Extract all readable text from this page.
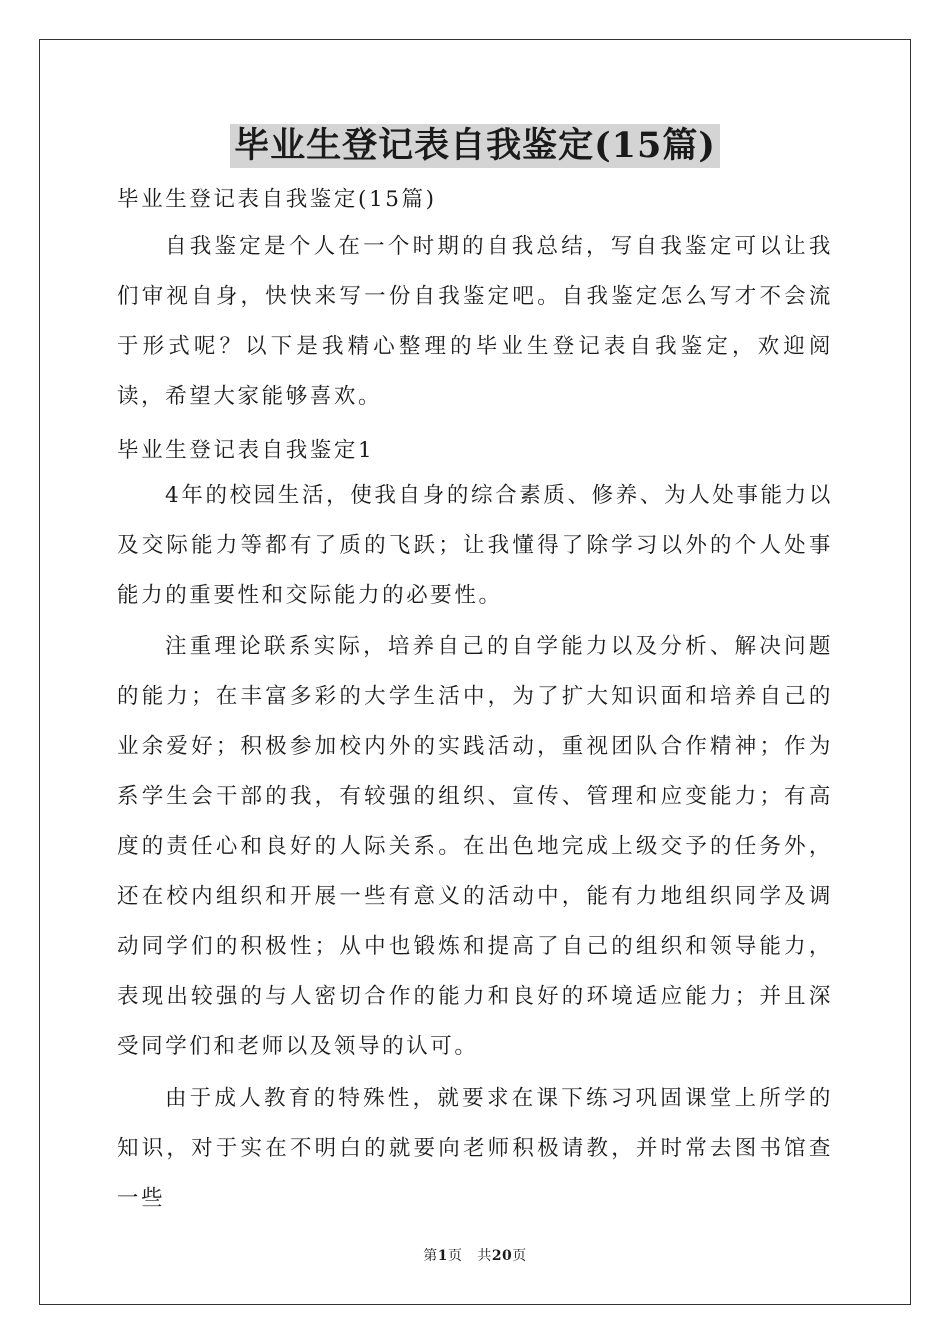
毕业生登记表自我鉴定(15篇)
毕业生登记表自我鉴定(15篇)

自我鉴定是个人在一个时期的自我总结，写自我鉴定可以让我们审视自身，快快来写一份自我鉴定吧。自我鉴定怎么写才不会流于形式呢？以下是我精心整理的毕业生登记表自我鉴定，欢迎阅读，希望大家能够喜欢。

毕业生登记表自我鉴定1

4年的校园生活，使我自身的综合素质、修养、为人处事能力以及交际能力等都有了质的飞跃；让我懂得了除学习以外的个人处事能力的重要性和交际能力的必要性。

注重理论联系实际，培养自己的自学能力以及分析、解决问题的能力；在丰富多彩的大学生活中，为了扩大知识面和培养自己的业余爱好；积极参加校内外的实践活动，重视团队合作精神；作为系学生会干部的我，有较强的组织、宣传、管理和应变能力；有高度的责任心和良好的人际关系。在出色地完成上级交予的任务外，还在校内组织和开展一些有意义的活动中，能有力地组织同学及调动同学们的积极性；从中也锻炼和提高了自己的组织和领导能力，表现出较强的与人密切合作的能力和良好的环境适应能力；并且深受同学们和老师以及领导的认可。

由于成人教育的特殊性，就要求在课下练习巩固课堂上所学的知识，对于实在不明白的就要向老师积极请教，并时常去图书馆查一些

第1页 共20页
